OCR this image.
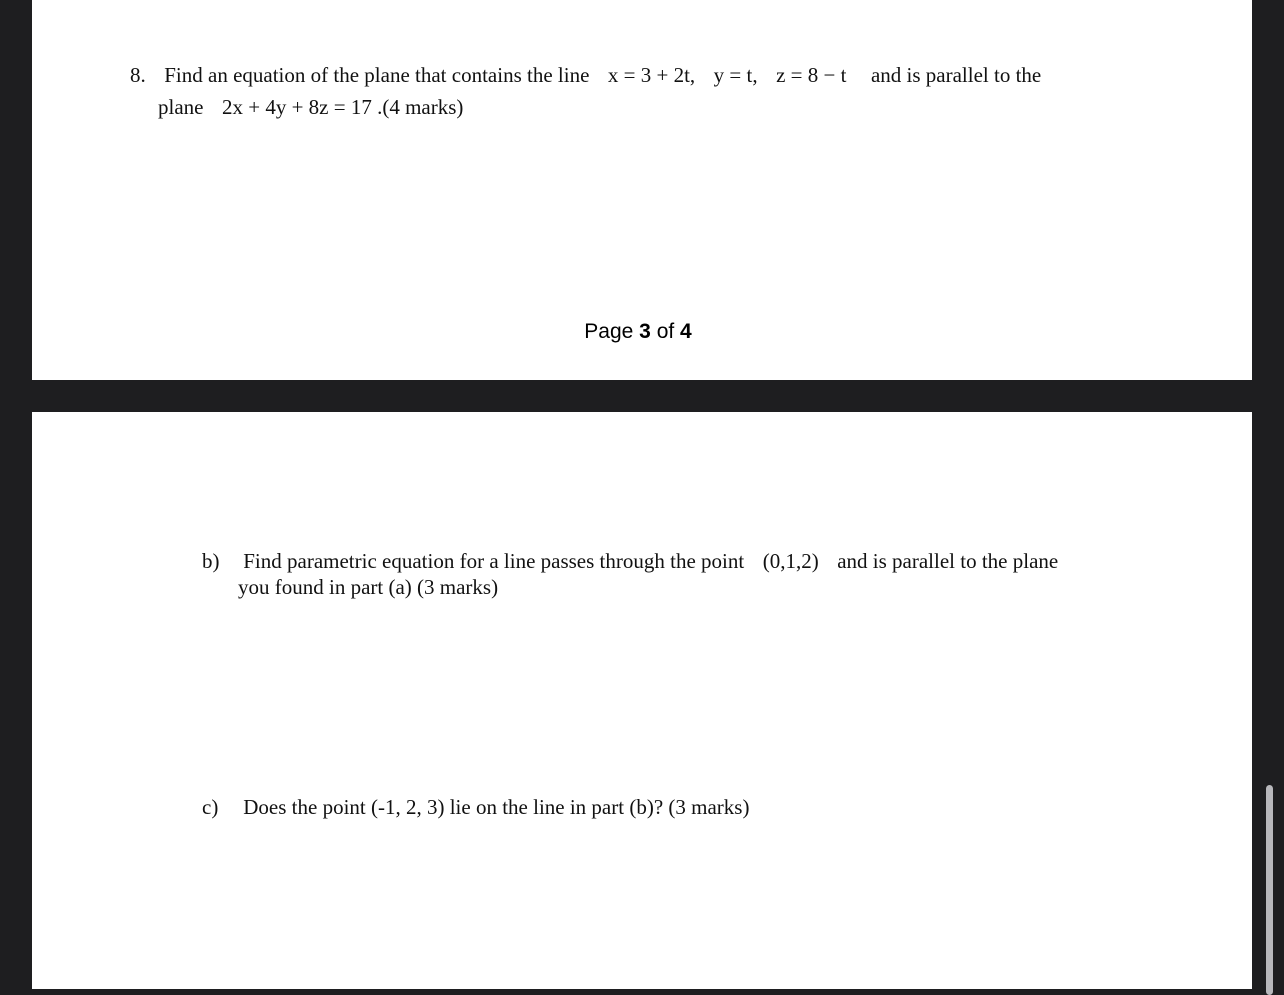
8. Find an equation of the plane that contains the line x = 3 + 2t, y = t, z = 8 − t and is parallel to the
plane 2x + 4y + 8z = 17 .(4 marks)
Page 3 of 4
b) Find parametric equation for a line passes through the point (0,1,2) and is parallel to the plane
you found in part (a) (3 marks)
c) Does the point (-1, 2, 3) lie on the line in part (b)? (3 marks)
